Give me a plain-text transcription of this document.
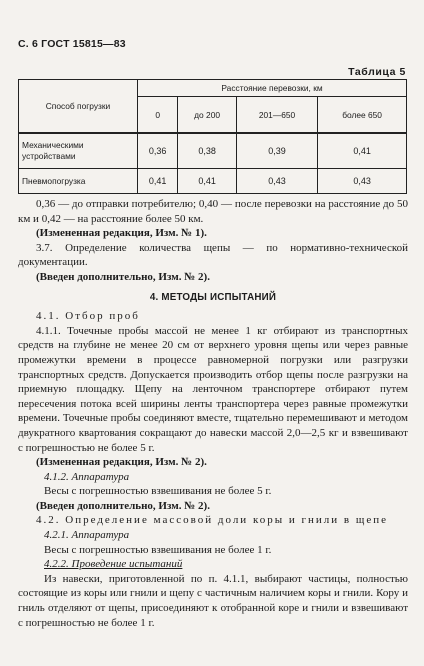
С. 6 ГОСТ 15815—83
Таблица 5
Способ погрузки	Расстояние перевозки, км			
	0	до 200	201—650	более 650
Механическими устройствами	0,36	0,38	0,39	0,41
Пневмопогрузка	0,41	0,41	0,43	0,43

0,36 — до отправки потребителю; 0,40 — после перевозки на расстояние до 50 км и 0,42 — на расстояние более 50 км.

(Измененная редакция, Изм. № 1).

3.7. Определение количества щепы — по нормативно-технической документации.

(Введен дополнительно, Изм. № 2).

4. МЕТОДЫ ИСПЫТАНИЙ

4.1. Отбор проб

4.1.1. Точечные пробы массой не менее 1 кг отбирают из транспортных средств на глубине не менее 20 см от верхнего уровня щепы или через равные промежутки времени в процессе равномерной погрузки или разгрузки транспортных средств. Допускается производить отбор щепы после разгрузки на приемную площадку. Щепу на ленточном транспортере отбирают путем пересечения потока всей ширины ленты транспортера через равные промежутки времени. Точечные пробы соединяют вместе, тщательно перемешивают и методом двукратного квартования сокращают до навески массой 2,0—2,5 кг и взвешивают с погрешностью не более 5 г.

(Измененная редакция, Изм. № 2).

4.1.2. Аппаратура

Весы с погрешностью взвешивания не более 5 г.

(Введен дополнительно, Изм. № 2).

4.2. Определение массовой доли коры и гнили в щепе

4.2.1. Аппаратура

Весы с погрешностью взвешивания не более 1 г.

4.2.2. Проведение испытаний

Из навески, приготовленной по п. 4.1.1, выбирают частицы, полностью состоящие из коры или гнили и щепу с частичным наличием коры и гнили. Кору и гниль отделяют от щепы, присоединяют к отобранной коре и гнили и взвешивают с погрешностью не более 1 г.
